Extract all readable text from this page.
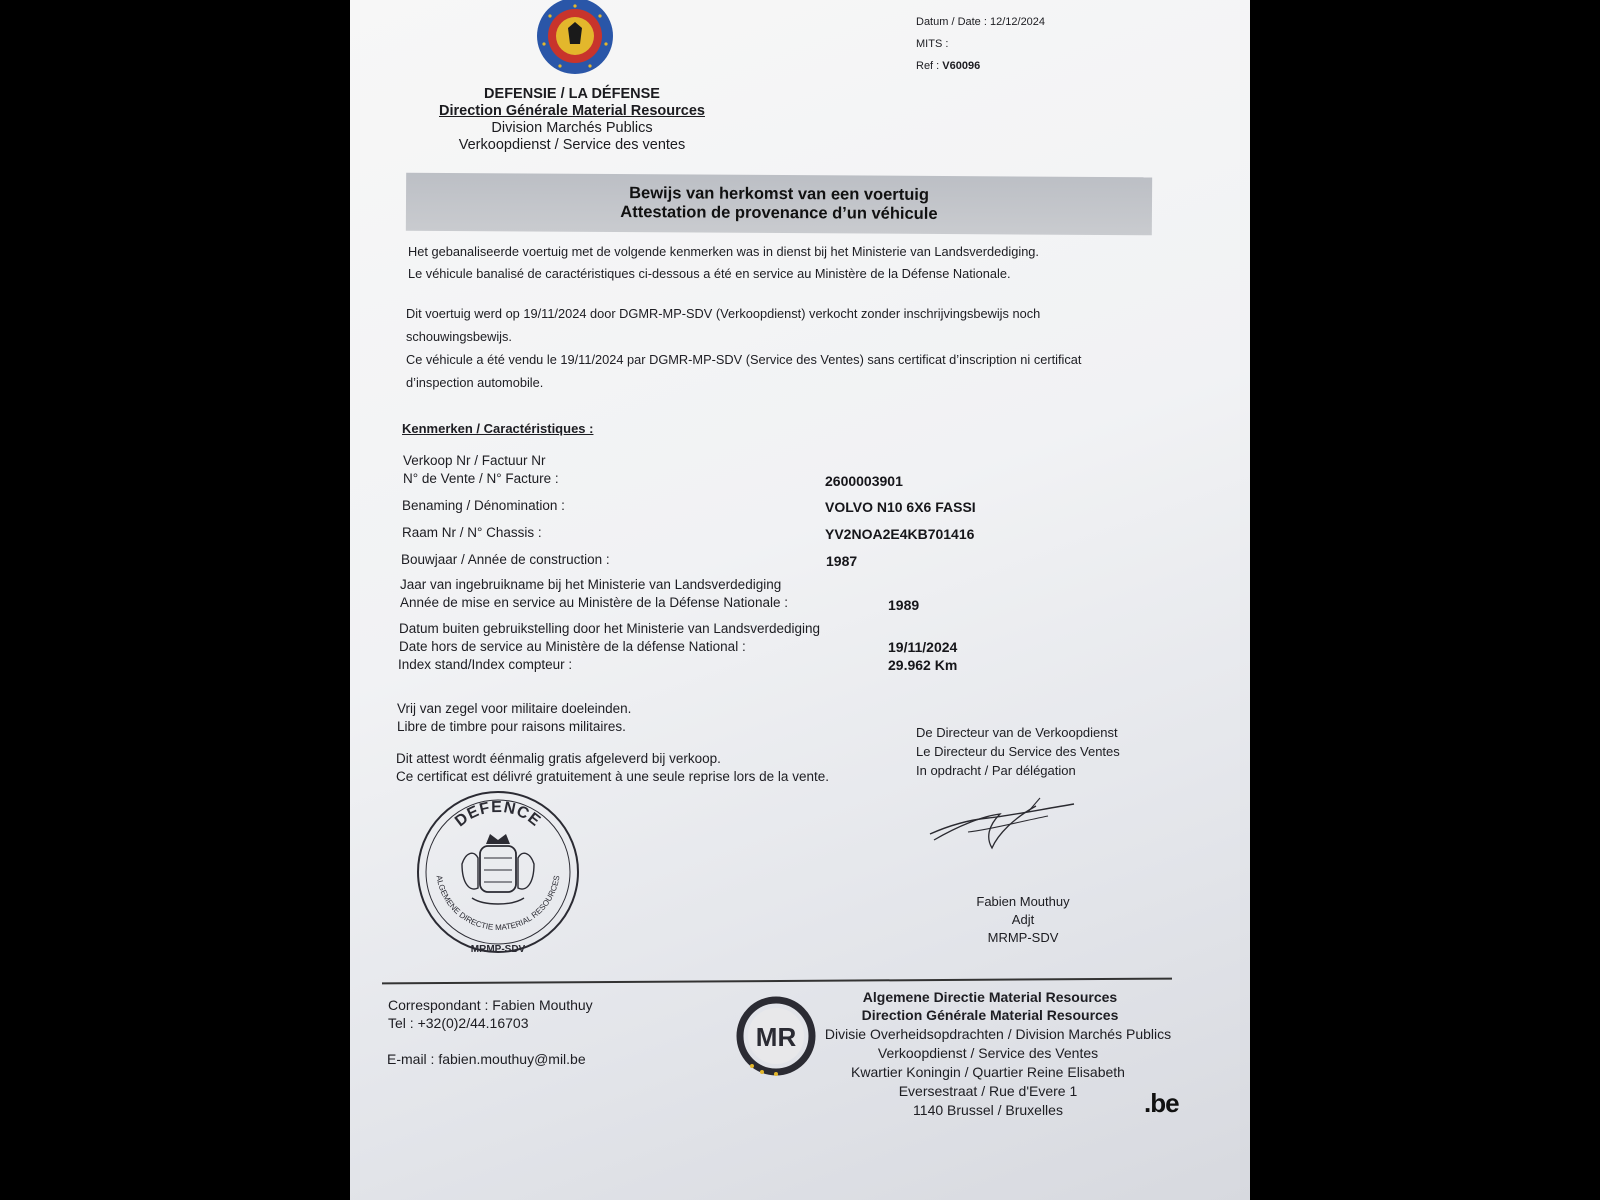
Datum / Date : 12/12/2024
MITS :
Ref : V60096
DEFENSIE / LA DÉFENSE
Direction Générale Material Resources
Division Marchés Publics
Verkoopdienst / Service des ventes
Bewijs van herkomst van een voertuig
Attestation de provenance d’un véhicule
Het gebanaliseerde voertuig met de volgende kenmerken was in dienst bij het Ministerie van Landsverdediging.
Le véhicule banalisé de caractéristiques ci-dessous a été en service au Ministère de la Défense Nationale.
Dit voertuig werd op 19/11/2024 door DGMR-MP-SDV (Verkoopdienst) verkocht zonder inschrijvingsbewijs noch schouwingsbewijs.
Ce véhicule a été vendu le 19/11/2024 par DGMR-MP-SDV (Service des Ventes) sans certificat d’inscription ni certificat d’inspection automobile.
Kenmerken / Caractéristiques :
Verkoop Nr / Factuur Nr
N° de Vente / N° Facture :	2600003901
Benaming / Dénomination :	VOLVO N10 6X6 FASSI
Raam Nr / N° Chassis :	YV2NOA2E4KB701416
Bouwjaar / Année de construction :	1987
Jaar van ingebruikname bij het Ministerie van Landsverdediging
Année de mise en service au Ministère de la Défense Nationale :	1989
Datum buiten gebruikstelling door het Ministerie van Landsverdediging
Date hors de service au Ministère de la défense National :	19/11/2024
Index stand/Index compteur :	29.962 Km
Vrij van zegel voor militaire doeleinden.
Libre de timbre pour raisons militaires.
Dit attest wordt éénmalig gratis afgeleverd bij verkoop.
Ce certificat est délivré gratuitement à une seule reprise lors de la vente.
De Directeur van de Verkoopdienst
Le Directeur du Service des Ventes
In opdracht / Par délégation
Fabien Mouthuy
Adjt
MRMP-SDV
DEFENCE
ALGEMENE DIRECTIE MATERIAL RESOURCES
MRMP-SDV
Correspondant : Fabien Mouthuy
Tel : +32(0)2/44.16703
E-mail : fabien.mouthuy@mil.be
MR
Algemene Directie Material Resources
Direction Générale Material Resources
Divisie Overheidsopdrachten / Division Marchés Publics
Verkoopdienst / Service des Ventes
Kwartier Koningin / Quartier Reine Elisabeth
Eversestraat / Rue d'Evere 1
1140 Brussel / Bruxelles	.be
